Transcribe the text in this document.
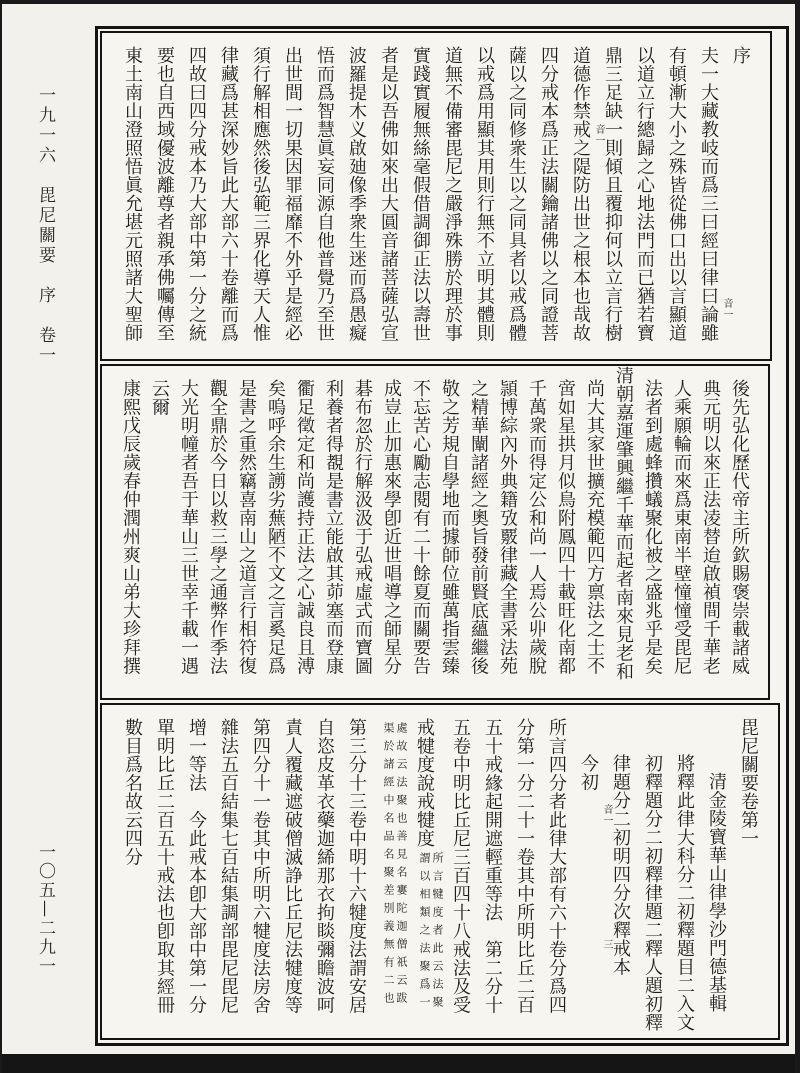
一九一六　毘尼關要　序　卷一
一〇五—二九一
序
音一
夫一大藏教岐而爲三曰經曰律曰論雖
有頓漸大小之殊皆從佛口出以言顯道
以道立行總歸之心地法門而已猶若寶
鼎三足缺一則傾且覆抑何以立言行樹
音一
道德作禁戒之隄防出世之根本也哉故
四分戒本爲正法關鑰諸佛以之同證菩
薩以之同修衆生以之同具者以戒爲體
以戒爲用顯其用則行無不立明其體則
道無不備審毘尼之嚴淨殊勝於理於事
實踐實履無絲毫假借調御正法以壽世
者是以吾佛如來出大圓音諸菩薩弘宣
波羅提木义啟廸像季衆生迷而爲愚癡
悟而爲智慧眞妄同源自他普覺乃至世
出世間一切果因罪福靡不外乎是經必
須行解相應然後弘範三界化導天人惟
律藏爲甚深妙旨此大部六十卷離而爲
四故曰四分戒本乃大部中第一分之統
要也自西域優波離尊者親承佛囑傳至
東土南山澄照悟眞允堪元照諸大聖師
後先弘化歷代帝主所欽賜褒崇載諸威
典元明以來正法凌替迨啟禎間千華老
人乘願輪而來爲東南半壁憧憧受毘尼
法者到處蜂攢蟻聚化被之盛兆乎是矣
清朝嘉運肇興繼千華而起者南來見老和
尚大其家世擴充模範四方禀法之士不
啻如星拱月似鳥附鳳四十載旺化南都
千萬衆而得定公和尚一人焉公丱歲脫
頴博綜內外典籍攷覈律藏全書采法苑
之精華闡諸經之奧旨發前賢底蘊繼後
敬之芳規自學地而據師位雖萬指雲臻
不忘苦心勵志閱有二十餘夏而關要告
成豈止加惠來學卽近世唱導之師星分
碁布忽於行解汲汲于弘戒虛式而寶圖
利養者得覩是書立能啟其茆塞而登康
衢足徵定和尚護持正法之心誠良且溥
矣嗚呼余生謭劣蕪陋不文之言奚足爲
是書之重然竊喜南山之道言行相符復
觀全鼎於今日以救三學之通弊作季法
大光明幢者吾于華山三世幸千載一遇
云爾
康熙戊辰歲春仲潤州爽山弟大珍拜撰
毘尼關要卷第一
清金陵寶華山律學沙門德基輯
將釋此律大科分二初釋題目二入文
初釋題分二初釋律題二釋人題初釋
律題分二初明四分次釋戒本
音一
三
今初
所言四分者此律大部有六十卷分爲四
分第一分二十一卷其中所明比丘二百
五十戒緣起開遮輕重等法　第二分十
五卷中明比丘尼三百四十八戒法及受
戒犍度說戒犍度
所言犍度者此云法聚
謂以相類之法聚爲一
處故云法聚也善見名寠陀迦僧祇云跋
渠於諸經中名品名聚差別義無有二也
第三分十三卷中明十六犍度法謂安居
自恣皮革衣藥迦絺那衣拘睒彌瞻波呵
責人覆藏遮破僧滅諍比丘尼法犍度等
第四分十一卷其中所明六犍度法房舍
雜法五百結集七百結集調部毘尼毘尼
增一等法　今此戒本卽大部中第一分
單明比丘二百五十戒法也卽取其經冊
數目爲名故云四分
